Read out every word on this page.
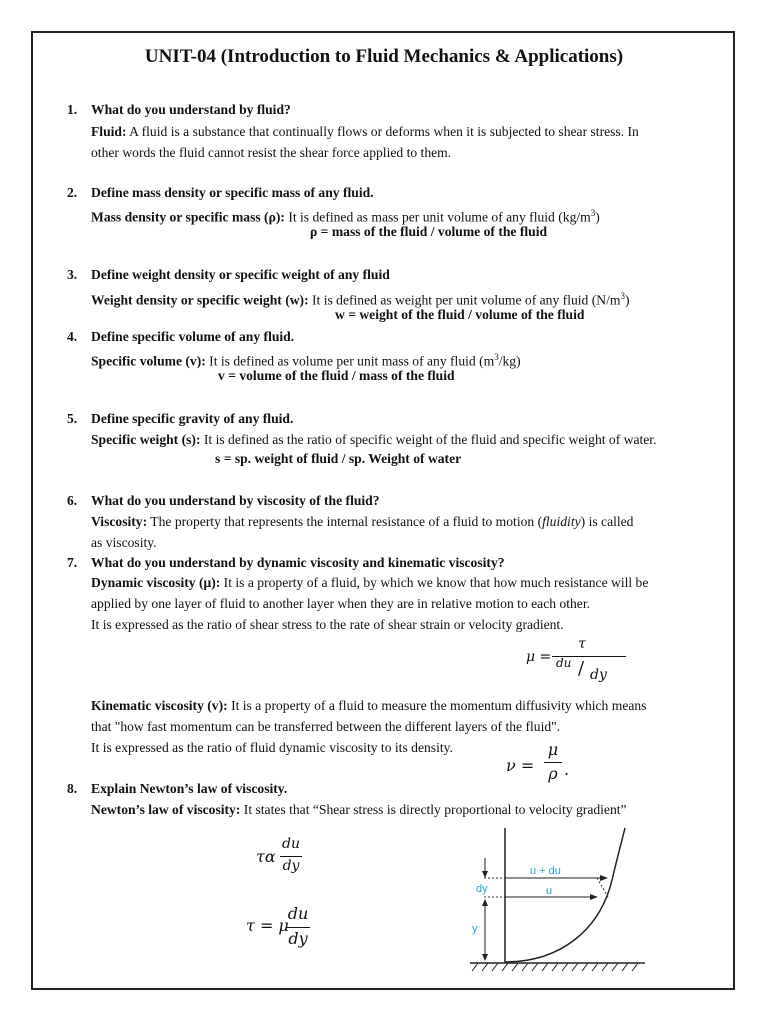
UNIT-04 (Introduction to Fluid Mechanics & Applications)
1. What do you understand by fluid?
Fluid: A fluid is a substance that continually flows or deforms when it is subjected to shear stress. In
other words the fluid cannot resist the shear force applied to them.
2. Define mass density or specific mass of any fluid.
Mass density or specific mass (ρ): It is defined as mass per unit volume of any fluid $(kg/m^3)$
ρ = mass of the fluid / volume of the fluid
3. Define weight density or specific weight of any fluid
Weight density or specific weight (w): It is defined as weight per unit volume of any fluid $(N/m^3)$
w = weight of the fluid / volume of the fluid
4. Define specific volume of any fluid.
Specific volume (v): It is defined as volume per unit mass of any fluid $(m^3/kg)$
v = volume of the fluid / mass of the fluid
5. Define specific gravity of any fluid.
Specific weight (s): It is defined as the ratio of specific weight of the fluid and specific weight of water.
s = sp. weight of fluid / sp. Weight of water
6. What do you understand by viscosity of the fluid?
Viscosity: The property that represents the internal resistance of a fluid to motion (fluidity) is called
as viscosity.
7. What do you understand by dynamic viscosity and kinematic viscosity?
Dynamic viscosity (μ): It is a property of a fluid, by which we know that how much resistance will be
applied by one layer of fluid to another layer when they are in relative motion to each other.
It is expressed as the ratio of shear stress to the rate of shear strain or velocity gradient.
μ =
τ
du / dy
Kinematic viscosity (v): It is a property of a fluid to measure the momentum diffusivity which means
that "how fast momentum can be transferred between the different layers of the fluid".
It is expressed as the ratio of fluid dynamic viscosity to its density.
ν =
μ
ρ .
8. Explain Newton’s law of viscosity.
Newton’s law of viscosity: It states that “Shear stress is directly proportional to velocity gradient”
τα
du
dy
τ = μ
du
dy
u + du
u
dy
y
